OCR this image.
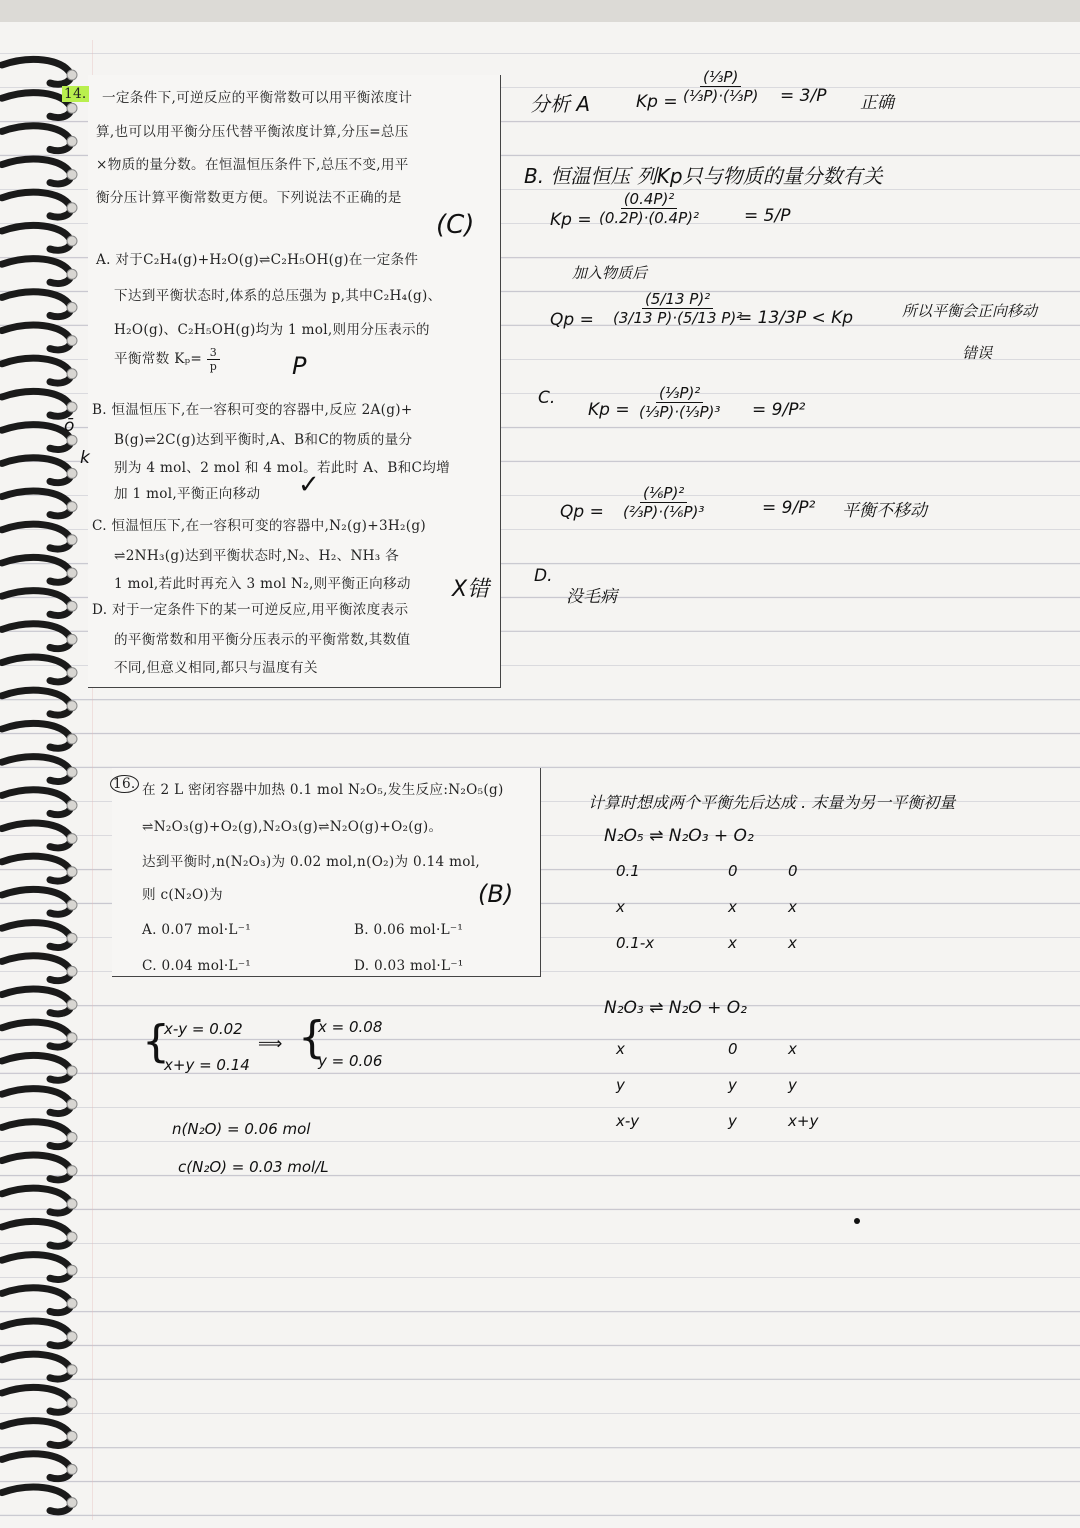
14. 一定条件下,可逆反应的平衡常数可以用平衡浓度计
算,也可以用平衡分压代替平衡浓度计算,分压=总压
×物质的量分数。在恒温恒压条件下,总压不变,用平
衡分压计算平衡常数更方便。下列说法不正确的是
(C)
A. 对于C₂H₄(g)+H₂O(g)⇌C₂H₅OH(g)在一定条件
下达到平衡状态时,体系的总压强为 p,其中C₂H₄(g)、
H₂O(g)、C₂H₅OH(g)均为 1 mol,则用分压表示的
平衡常数 $K_p= \frac{3}{p}$	P
B. 恒温恒压下,在一容积可变的容器中,反应 2A(g)+
B(g)⇌2C(g)达到平衡时,A、B和C的物质的量分
别为 4 mol、2 mol 和 4 mol。若此时 A、B和C均增
加 1 mol,平衡正向移动 ✓
ō
k
C. 恒温恒压下,在一容积可变的容器中,N₂(g)+3H₂(g)
⇌2NH₃(g)达到平衡状态时,N₂、H₂、NH₃ 各
1 mol,若此时再充入 3 mol N₂,则平衡正向移动 X错
D. 对于一定条件下的某一可逆反应,用平衡浓度表示
的平衡常数和用平衡分压表示的平衡常数,其数值
不同,但意义相同,都只与温度有关
分析 A	$Kp = \frac{\text{(⅓P)}}{\text{(⅓P)·(⅓P)}} = 3/P$ 正确
B. 恒温恒压 列Kp只与物质的量分数有关
$Kp = \frac{\text{(0.4P)²}}{\text{(0.2P)·(0.4P)²}} = 5/P$
加入物质后
$Qp = \frac{\text{(5/13 P)²}}{\text{(3/13 P)·(5/13 P)²}}$
= 13/3P < Kp	所以平衡会正向移动
错误
C.
$Kp = \frac{\text{(⅓P)²}}{\text{(⅓P)·(⅓P)³}} = 9/P^2$
$Qp = \frac{\text{(⅙P)²}}{\text{(⅔P)·(⅙P)³}}$	= 9/P² 平衡不移动
D.
没毛病
16. 在 2 L 密闭容器中加热 0.1 mol N₂O₅,发生反应:N₂O₅(g)
⇌N₂O₃(g)+O₂(g),N₂O₃(g)⇌N₂O(g)+O₂(g)。
达到平衡时,n(N₂O₃)为 0.02 mol,n(O₂)为 0.14 mol,
则 c(N₂O)为	(B)
A. 0.07 mol·L⁻¹	B. 0.06 mol·L⁻¹
C. 0.04 mol·L⁻¹	D. 0.03 mol·L⁻¹
计算时想成两个平衡先后达成 . 末量为另一平衡初量
N₂O₅ ⇌ N₂O₃ + O₂
0.1	0	0
x	x	x
0.1-x	x	x
N₂O₃ ⇌ N₂O + O₂
x	0	x
y	y	y
x-y	y	x+y
{
x-y = 0.02
x+y = 0.14
⟹ {
x = 0.08
y = 0.06
n(N₂O) = 0.06 mol
c(N₂O) = 0.03 mol/L
